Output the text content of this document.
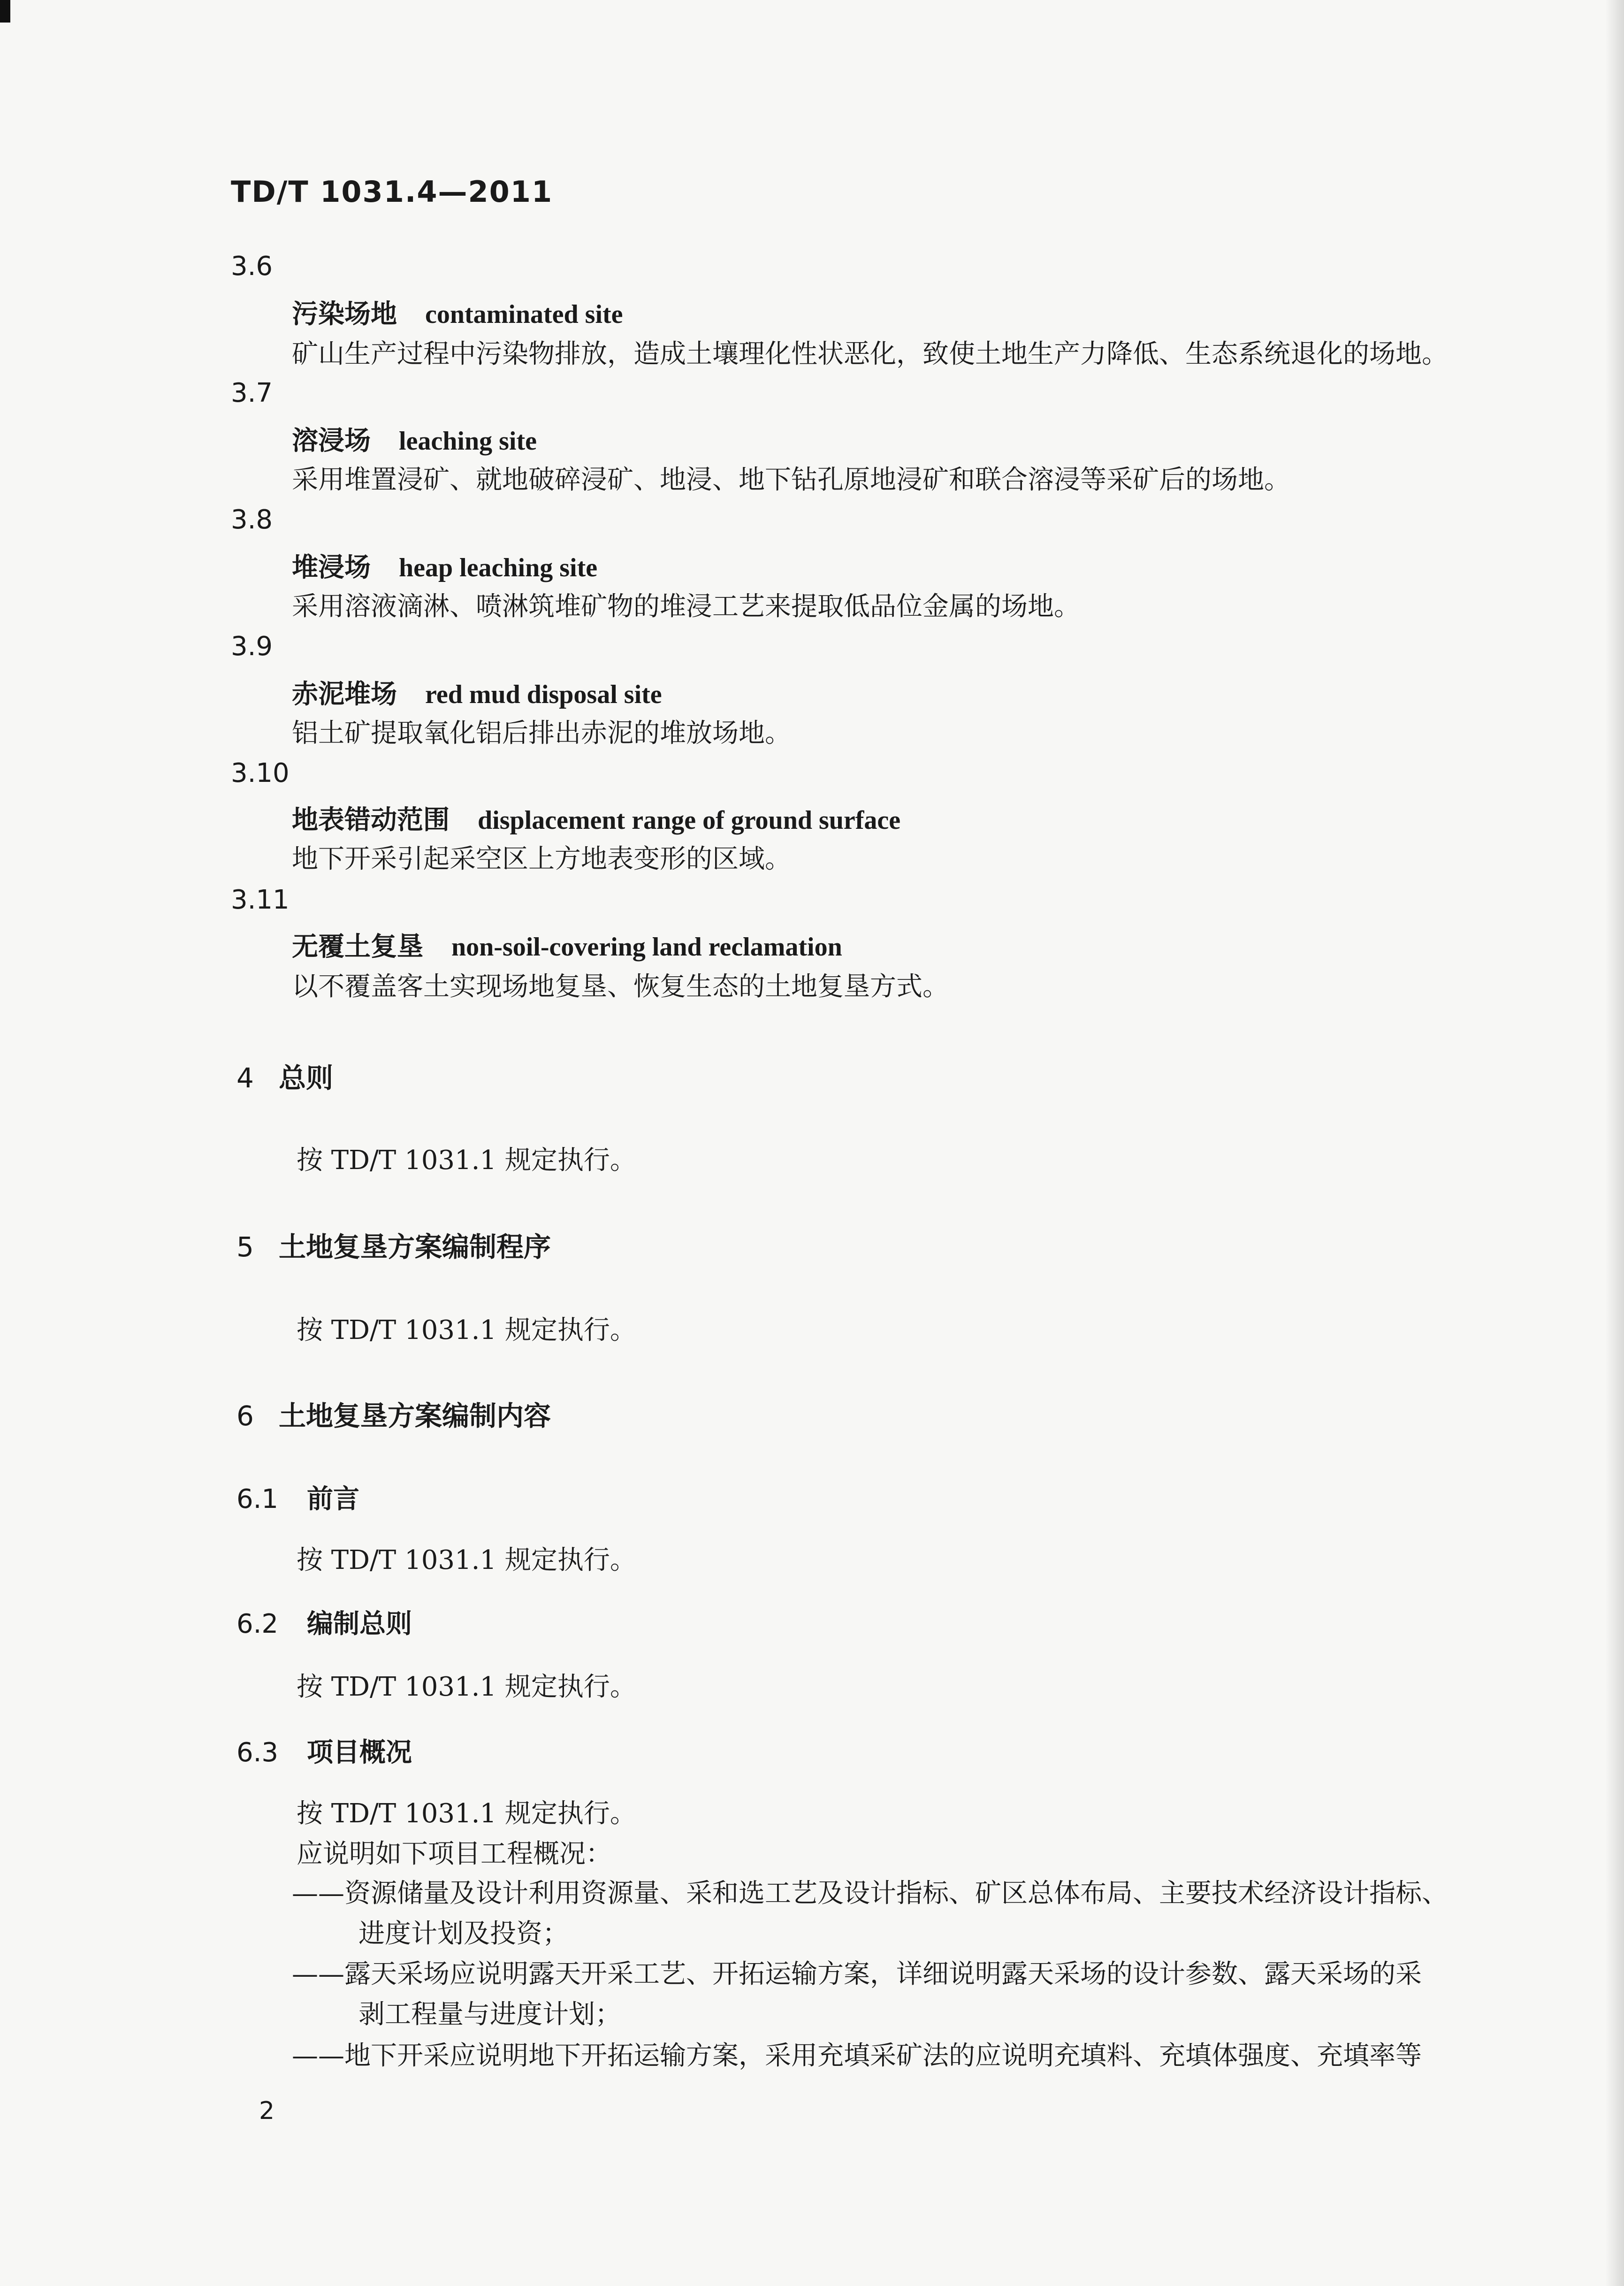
TD/T 1031.4—2011
3.6
污染场地 contaminated site
矿山生产过程中污染物排放，造成土壤理化性状恶化，致使土地生产力降低、生态系统退化的场地。
3.7
溶浸场 leaching site
采用堆置浸矿、就地破碎浸矿、地浸、地下钻孔原地浸矿和联合溶浸等采矿后的场地。
3.8
堆浸场 heap leaching site
采用溶液滴淋、喷淋筑堆矿物的堆浸工艺来提取低品位金属的场地。
3.9
赤泥堆场 red mud disposal site
铝土矿提取氧化铝后排出赤泥的堆放场地。
3.10
地表错动范围 displacement range of ground surface
地下开采引起采空区上方地表变形的区域。
3.11
无覆土复垦 non-soil-covering land reclamation
以不覆盖客土实现场地复垦、恢复生态的土地复垦方式。
4 总则
按 TD/T 1031.1 规定执行。
5 土地复垦方案编制程序
按 TD/T 1031.1 规定执行。
6 土地复垦方案编制内容
6.1 前言
按 TD/T 1031.1 规定执行。
6.2 编制总则
按 TD/T 1031.1 规定执行。
6.3 项目概况
按 TD/T 1031.1 规定执行。
应说明如下项目工程概况：
——资源储量及设计利用资源量、采和选工艺及设计指标、矿区总体布局、主要技术经济设计指标、
进度计划及投资；
——露天采场应说明露天开采工艺、开拓运输方案，详细说明露天采场的设计参数、露天采场的采
剥工程量与进度计划；
——地下开采应说明地下开拓运输方案，采用充填采矿法的应说明充填料、充填体强度、充填率等
2
